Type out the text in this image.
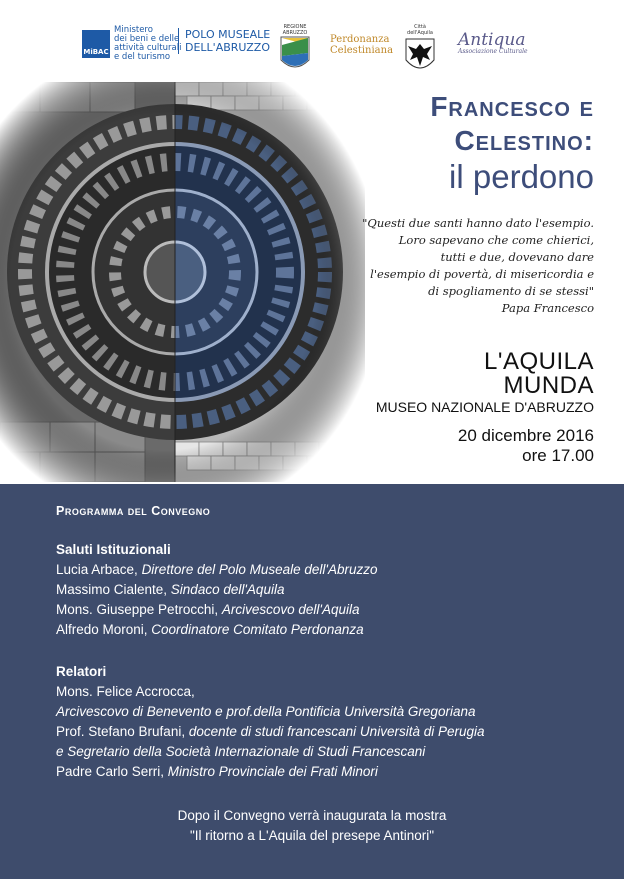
MiBAC
Ministero
dei beni e delle
attività culturali
e del turismo
POLO MUSEALE
DELL'ABRUZZO
REGIONE ABRUZZO
Perdonanza
Celestiniana
Città dell'Aquila Antiqua
Associazione Culturale
Francesco e
Celestino:
il perdono
"Questi due santi hanno dato l'esempio.
Loro sapevano che come chierici,
tutti e due, dovevano dare
l'esempio di povertà, di misericordia e
di spogliamento di se stessi"
Papa Francesco
L'AQUILA
MUNDA
MUSEO NAZIONALE D'ABRUZZO
20 dicembre 2016
ore 17.00
Programma del Convegno
Saluti Istituzionali
Lucia Arbace, Direttore del Polo Museale dell'Abruzzo
Massimo Cialente, Sindaco dell'Aquila
Mons. Giuseppe Petrocchi, Arcivescovo dell'Aquila
Alfredo Moroni, Coordinatore Comitato Perdonanza
Relatori
Mons. Felice Accrocca,
Arcivescovo di Benevento e prof.della Pontificia Università Gregoriana
Prof. Stefano Brufani, docente di studi francescani Università di Perugia
e Segretario della Società Internazionale di Studi Francescani
Padre Carlo Serri, Ministro Provinciale dei Frati Minori
Dopo il Convegno verrà inaugurata la mostra
"Il ritorno a L'Aquila del presepe Antinori"
